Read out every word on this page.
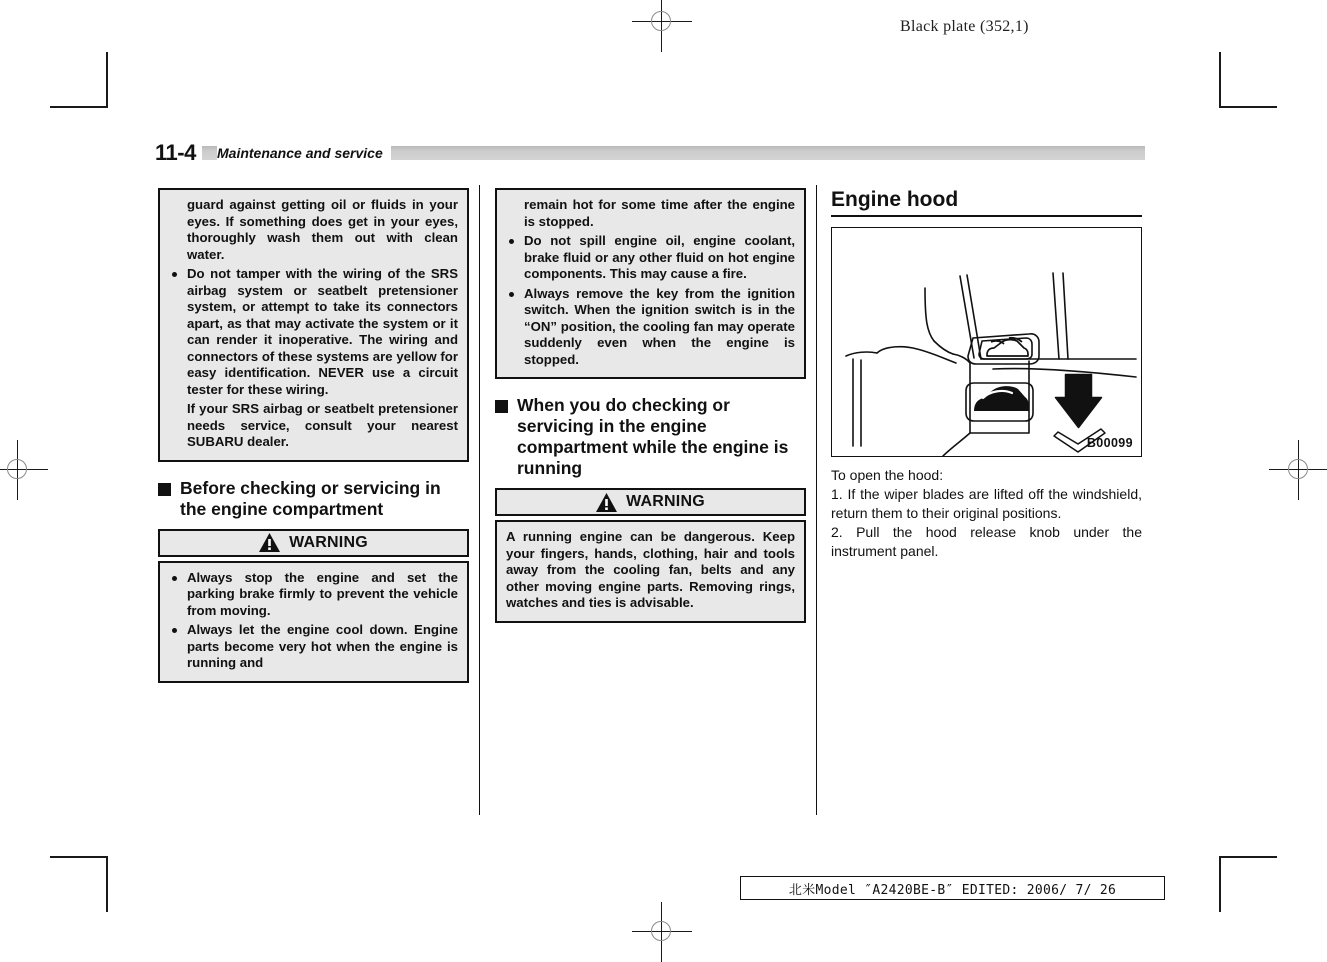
Black plate (352,1)
11-4	Maintenance and service
guard against getting oil or fluids in your eyes. If something does get in your eyes, thoroughly wash them out with clean water.
Do not tamper with the wiring of the SRS airbag system or seatbelt pretensioner system, or attempt to take its connectors apart, as that may activate the system or it can render it inoperative. The wiring and connectors of these systems are yellow for easy identification. NEVER use a circuit tester for these wiring.
If your SRS airbag or seatbelt pretensioner needs service, consult your nearest SUBARU dealer.
Before checking or servicing in the engine compartment
WARNING
Always stop the engine and set the parking brake firmly to prevent the vehicle from moving.
Always let the engine cool down. Engine parts become very hot when the engine is running and
remain hot for some time after the engine is stopped.
Do not spill engine oil, engine coolant, brake fluid or any other fluid on hot engine components. This may cause a fire.
Always remove the key from the ignition switch. When the ignition switch is in the “ON” position, the cooling fan may operate suddenly even when the engine is stopped.
When you do checking or servicing in the engine compartment while the engine is running
WARNING

A running engine can be dangerous. Keep your fingers, hands, clothing, hair and tools away from the cooling fan, belts and any other moving engine parts. Removing rings, watches and ties is advisable.

Engine hood
B00099

To open the hood:

1. If the wiper blades are lifted off the windshield, return them to their original positions.

2. Pull the hood release knob under the instrument panel.

北米Model ″A2420BE-B″ EDITED: 2006/ 7/ 26
